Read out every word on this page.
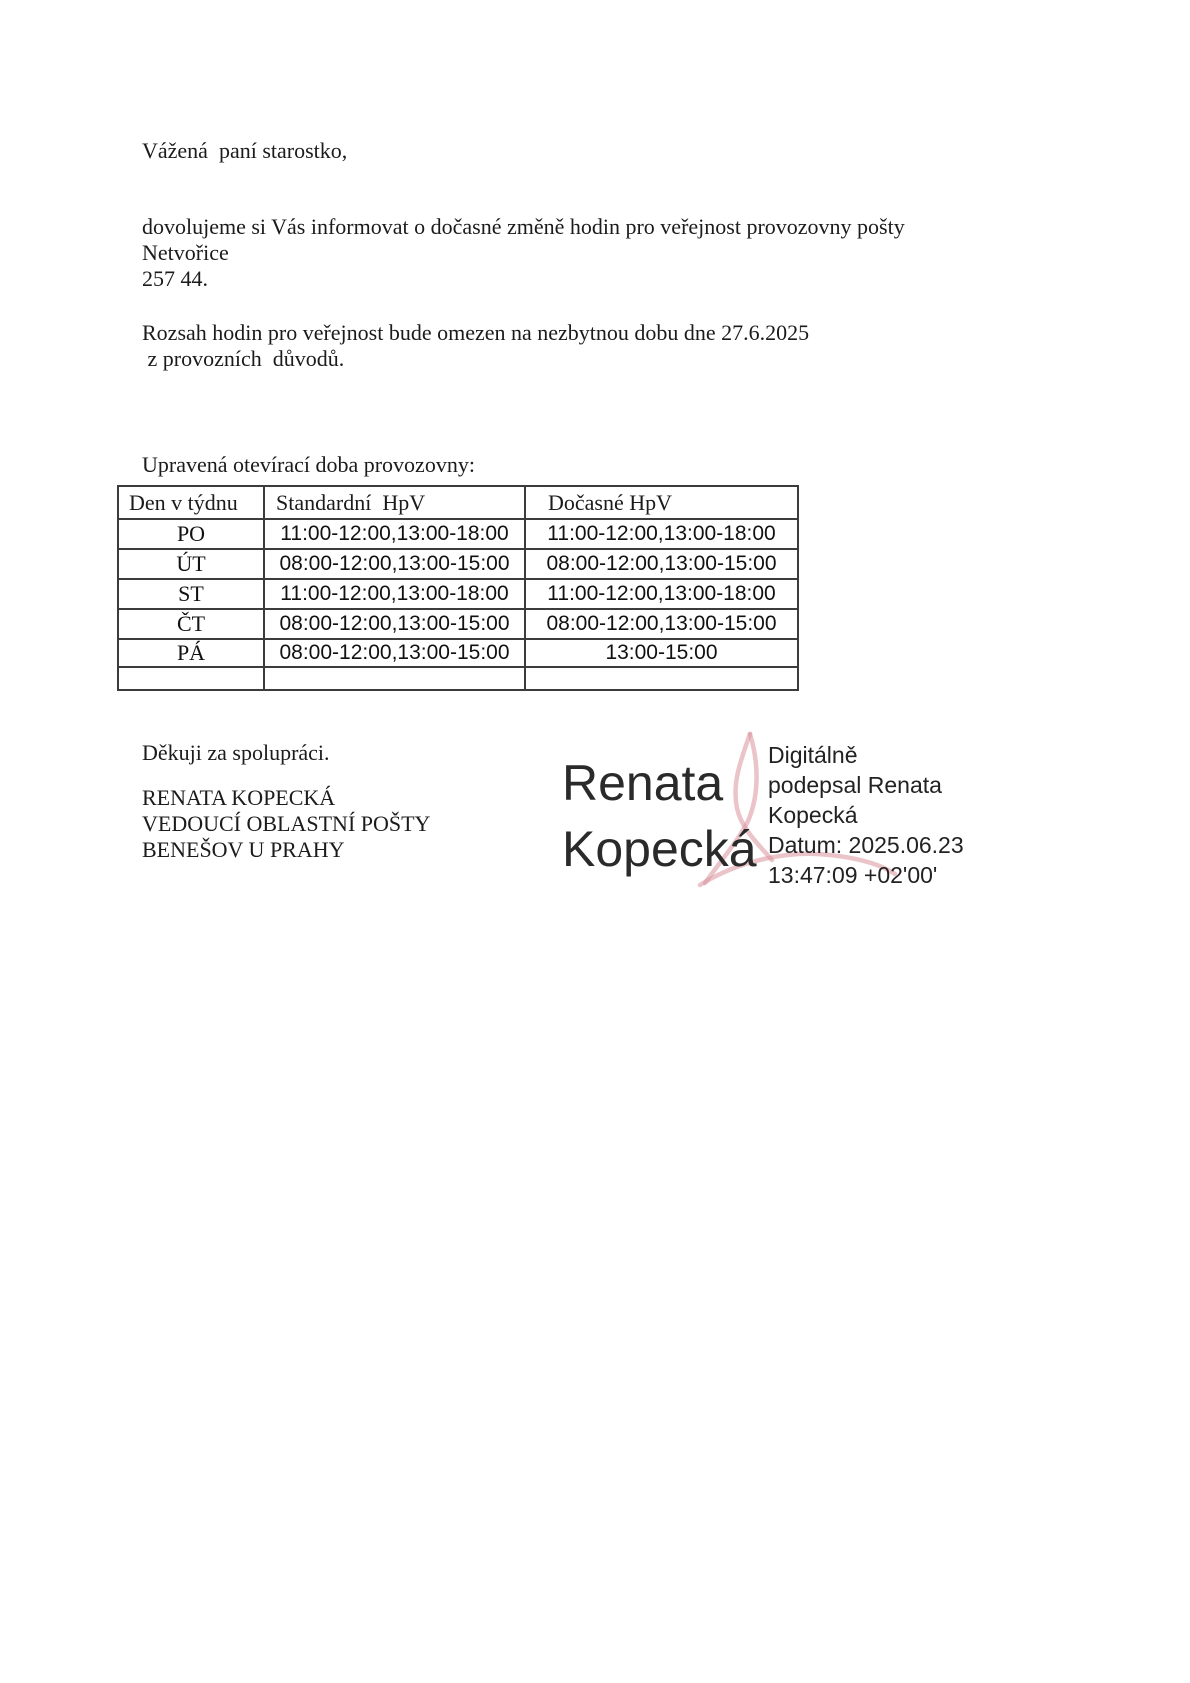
Vážená  paní starostko,
dovolujeme si Vás informovat o dočasné změně hodin pro veřejnost provozovny pošty Netvořice
257 44.
Rozsah hodin pro veřejnost bude omezen na nezbytnou dobu dne 27.6.2025
z provozních  důvodů.
Upravená otevírací doba provozovny:
Den v týdnu	Standardní  HpV	Dočasné HpV
PO	11:00-12:00,13:00-18:00	11:00-12:00,13:00-18:00
ÚT	08:00-12:00,13:00-15:00	08:00-12:00,13:00-15:00
ST	11:00-12:00,13:00-18:00	11:00-12:00,13:00-18:00
ČT	08:00-12:00,13:00-15:00	08:00-12:00,13:00-15:00
PÁ	08:00-12:00,13:00-15:00	13:00-15:00

Děkuji za spolupráci.
RENATA KOPECKÁ
VEDOUCÍ OBLASTNÍ POŠTY
BENEŠOV U PRAHY
Renata
Kopecká
Digitálně
podepsal Renata
Kopecká
Datum: 2025.06.23
13:47:09 +02'00'
